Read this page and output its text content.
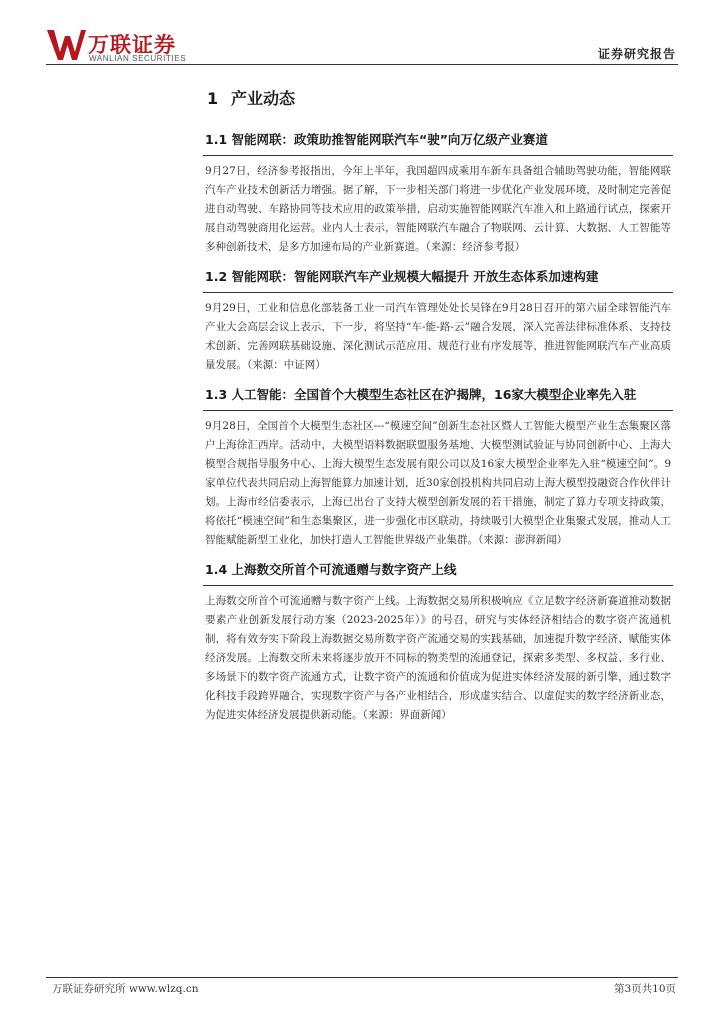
万联证券
WANLIAN SECURITIES	证券研究报告
1 产业动态
1.1 智能网联：政策助推智能网联汽车“驶”向万亿级产业赛道

9月27日，经济参考报指出，今年上半年，我国超四成乘用车新车具备组合辅助驾驶功能，智能网联汽车产业技术创新活力增强。据了解，下一步相关部门将进一步优化产业发展环境，及时制定完善促进自动驾驶、车路协同等技术应用的政策举措，启动实施智能网联汽车准入和上路通行试点，探索开展自动驾驶商用化运营。业内人士表示，智能网联汽车融合了物联网、云计算、大数据、人工智能等多种创新技术，是多方加速布局的产业新赛道。（来源：经济参考报）

1.2 智能网联：智能网联汽车产业规模大幅提升 开放生态体系加速构建

9月29日，工业和信息化部装备工业一司汽车管理处处长吴锋在9月28日召开的第六届全球智能汽车产业大会高层会议上表示，下一步，将坚持“车-能-路-云”融合发展，深入完善法律标准体系、支持技术创新、完善网联基础设施、深化测试示范应用、规范行业有序发展等，推进智能网联汽车产业高质量发展。（来源：中证网）

1.3 人工智能：全国首个大模型生态社区在沪揭牌，16家大模型企业率先入驻

9月28日，全国首个大模型生态社区---“模速空间”创新生态社区暨人工智能大模型产业生态集聚区落户上海徐汇西岸。活动中，大模型语料数据联盟服务基地、大模型测试验证与协同创新中心、上海大模型合规指导服务中心、上海大模型生态发展有限公司以及16家大模型企业率先入驻“模速空间”。9家单位代表共同启动上海智能算力加速计划，近30家创投机构共同启动上海大模型投融资合作伙伴计划。上海市经信委表示，上海已出台了支持大模型创新发展的若干措施，制定了算力专项支持政策，将依托“模速空间”和生态集聚区，进一步强化市区联动，持续吸引大模型企业集聚式发展，推动人工智能赋能新型工业化，加快打造人工智能世界级产业集群。（来源：澎湃新闻）

1.4 上海数交所首个可流通赠与数字资产上线

上海数交所首个可流通赠与数字资产上线。上海数据交易所积极响应《立足数字经济新赛道推动数据要素产业创新发展行动方案（2023-2025年）》的号召，研究与实体经济相结合的数字资产流通机制，将有效夯实下阶段上海数据交易所数字资产流通交易的实践基础，加速提升数字经济、赋能实体经济发展。上海数交所未来将逐步放开不同标的物类型的流通登记，探索多类型、多权益、多行业、多场景下的数字资产流通方式，让数字资产的流通和价值成为促进实体经济发展的新引擎，通过数字化科技手段跨界融合，实现数字资产与各产业相结合，形成虚实结合、以虚促实的数字经济新业态，为促进实体经济发展提供新动能。（来源：界面新闻）

万联证券研究所 www.wlzq.cn	第3页共10页
